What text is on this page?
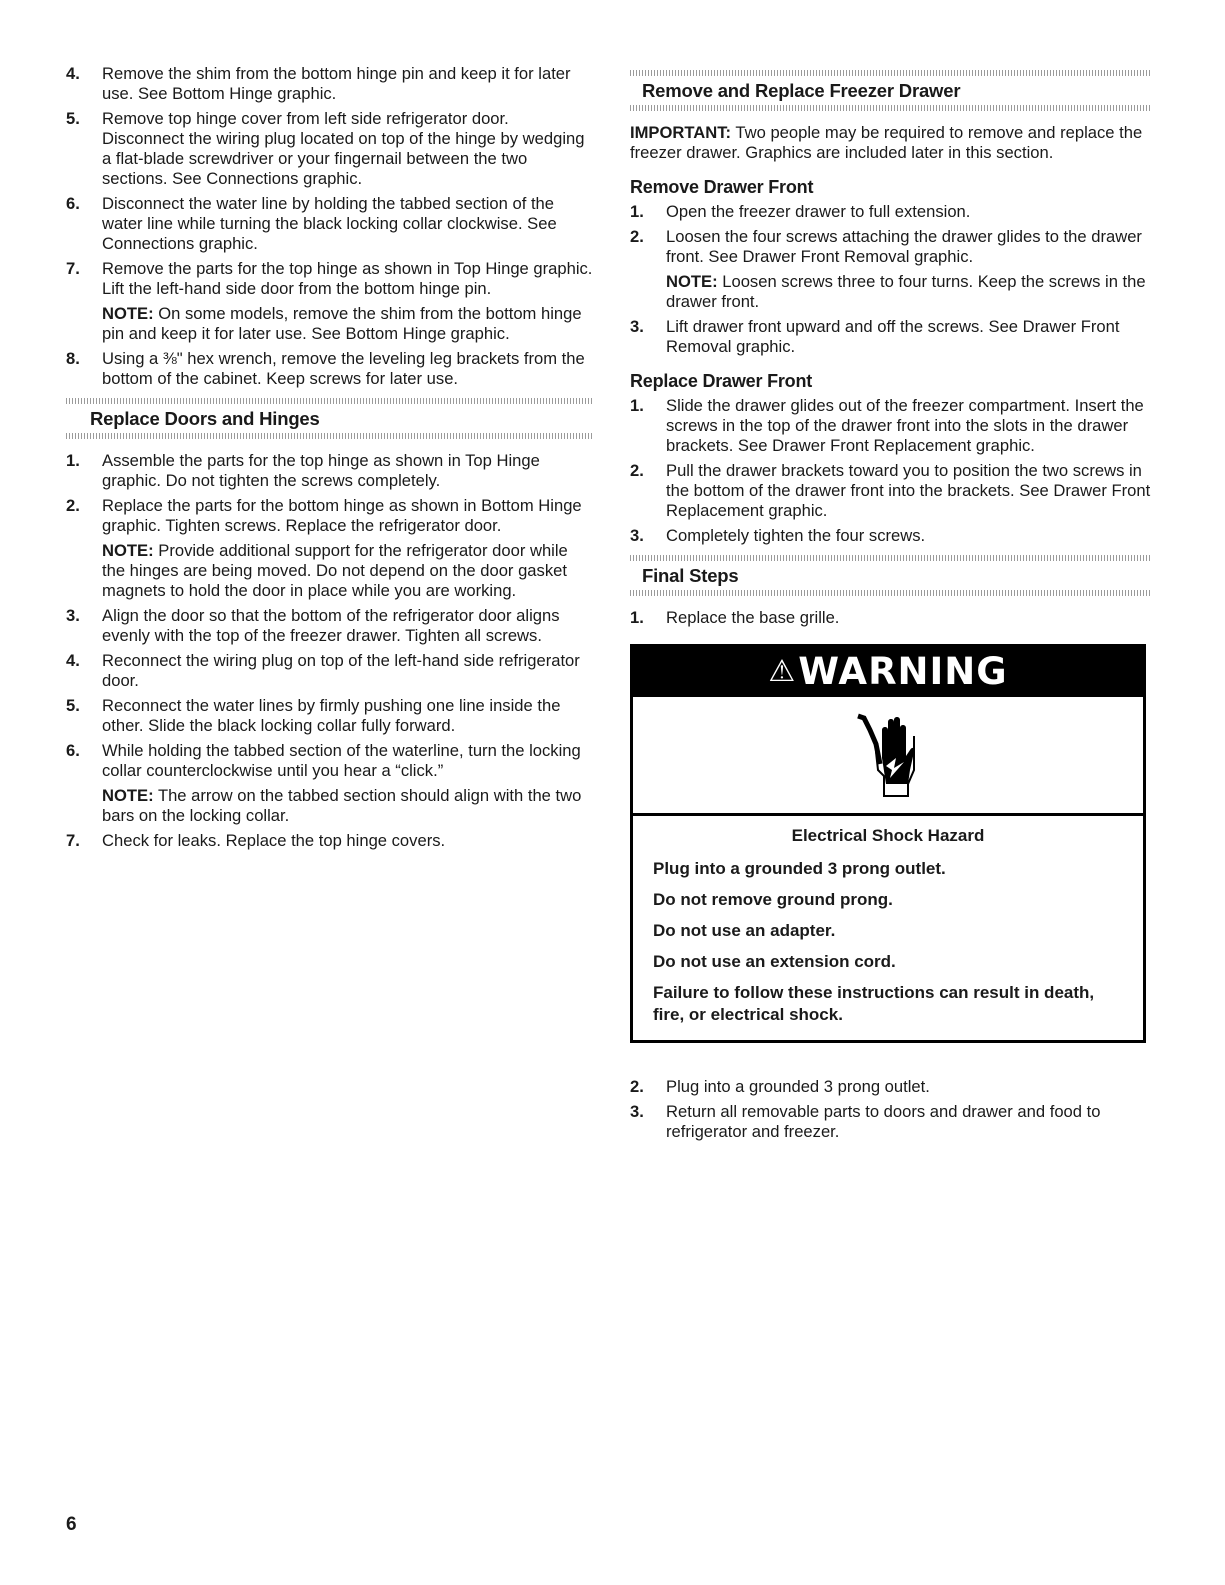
4.	Remove the shim from the bottom hinge pin and keep it for later use. See Bottom Hinge graphic.
5.	Remove top hinge cover from left side refrigerator door. Disconnect the wiring plug located on top of the hinge by wedging a flat-blade screwdriver or your fingernail between the two sections. See Connections graphic.
6.	Disconnect the water line by holding the tabbed section of the water line while turning the black locking collar clockwise. See Connections graphic.
7.	Remove the parts for the top hinge as shown in Top Hinge graphic. Lift the left-hand side door from the bottom hinge pin.
NOTE: On some models, remove the shim from the bottom hinge pin and keep it for later use. See Bottom Hinge graphic.
8.	Using a ⅜" hex wrench, remove the leveling leg brackets from the bottom of the cabinet. Keep screws for later use.
Replace Doors and Hinges
1.	Assemble the parts for the top hinge as shown in Top Hinge graphic. Do not tighten the screws completely.
2.	Replace the parts for the bottom hinge as shown in Bottom Hinge graphic. Tighten screws. Replace the refrigerator door.
NOTE: Provide additional support for the refrigerator door while the hinges are being moved. Do not depend on the door gasket magnets to hold the door in place while you are working.
3.	Align the door so that the bottom of the refrigerator door aligns evenly with the top of the freezer drawer. Tighten all screws.
4.	Reconnect the wiring plug on top of the left-hand side refrigerator door.
5.	Reconnect the water lines by firmly pushing one line inside the other. Slide the black locking collar fully forward.
6.	While holding the tabbed section of the waterline, turn the locking collar counterclockwise until you hear a “click.”
NOTE: The arrow on the tabbed section should align with the two bars on the locking collar.
7.	Check for leaks. Replace the top hinge covers.
Remove and Replace Freezer Drawer

IMPORTANT: Two people may be required to remove and replace the freezer drawer. Graphics are included later in this section.

Remove Drawer Front
1.	Open the freezer drawer to full extension.
2.	Loosen the four screws attaching the drawer glides to the drawer front. See Drawer Front Removal graphic.
NOTE: Loosen screws three to four turns. Keep the screws in the drawer front.
3.	Lift drawer front upward and off the screws. See Drawer Front Removal graphic.
Replace Drawer Front
1.	Slide the drawer glides out of the freezer compartment. Insert the screws in the top of the drawer front into the slots in the drawer brackets. See Drawer Front Replacement graphic.
2.	Pull the drawer brackets toward you to position the two screws in the bottom of the drawer front into the brackets. See Drawer Front Replacement graphic.
3.	Completely tighten the four screws.
Final Steps
1.	Replace the base grille.
⚠WARNING
Electrical Shock Hazard
Plug into a grounded 3 prong outlet.
Do not remove ground prong.
Do not use an adapter.
Do not use an extension cord.
Failure to follow these instructions can result in death, fire, or electrical shock.
2.	Plug into a grounded 3 prong outlet.
3.	Return all removable parts to doors and drawer and food to refrigerator and freezer.
6
